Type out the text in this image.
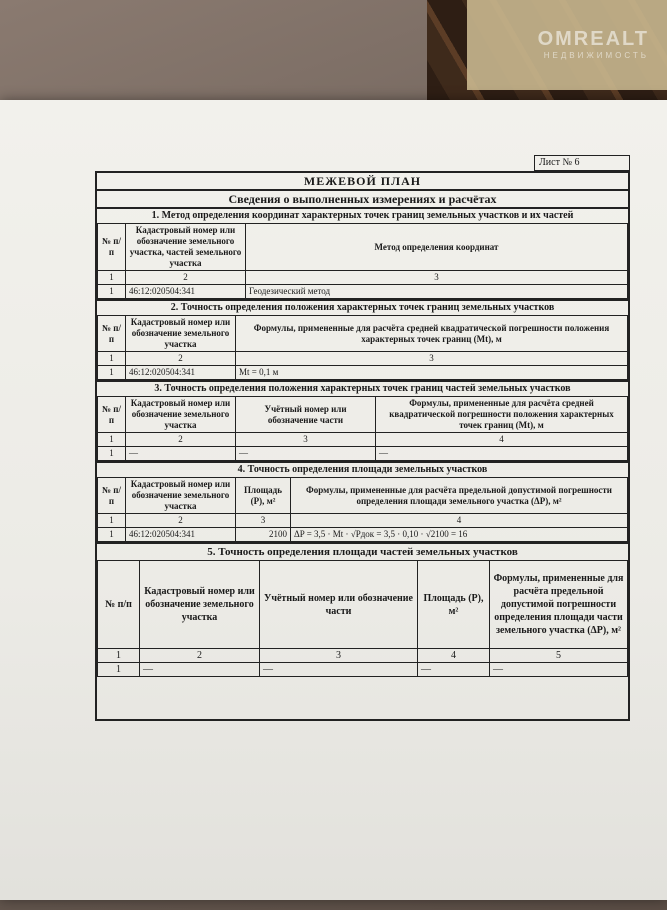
OMREALT
НЕДВИЖИМОСТЬ
Лист № 6
МЕЖЕВОЙ ПЛАН
Сведения о выполненных измерениях и расчётах
1. Метод определения координат характерных точек границ земельных участков и их частей
№ п/п	Кадастровый номер или обозначение земельного участка, частей земельного участка	Метод определения координат
1	2	3
1	46:12:020504:341	Геодезический метод
2. Точность определения положения характерных точек границ земельных участков
№ п/п	Кадастровый номер или обозначение земельного участка	Формулы, примененные для расчёта средней квадратической погрешности положения характерных точек границ (Mt), м
1	2	3
1	46:12:020504:341	Mt = 0,1 м
3. Точность определения положения характерных точек границ частей земельных участков
№ п/п	Кадастровый номер или обозначение земельного участка	Учётный номер или обозначение части	Формулы, примененные для расчёта средней квадратической погрешности положения характерных точек границ (Mt), м
1	2	3	4
1	—	—	—
4. Точность определения площади земельных участков
№ п/п	Кадастровый номер или обозначение земельного участка	Площадь (P), м²	Формулы, примененные для расчёта предельной допустимой погрешности определения площади земельного участка (ΔP), м²
1	2	3	4
1	46:12:020504:341	2100	ΔP = 3,5 · Mt · √Pдок = 3,5 · 0,10 · √2100 = 16
5. Точность определения площади частей земельных участков
№ п/п	Кадастровый номер или обозначение земельного участка	Учётный номер или обозначение части	Площадь (P), м²	Формулы, примененные для расчёта предельной допустимой погрешности определения площади части земельного участка (ΔP), м²
1	2	3	4	5
1	—	—	—	—
